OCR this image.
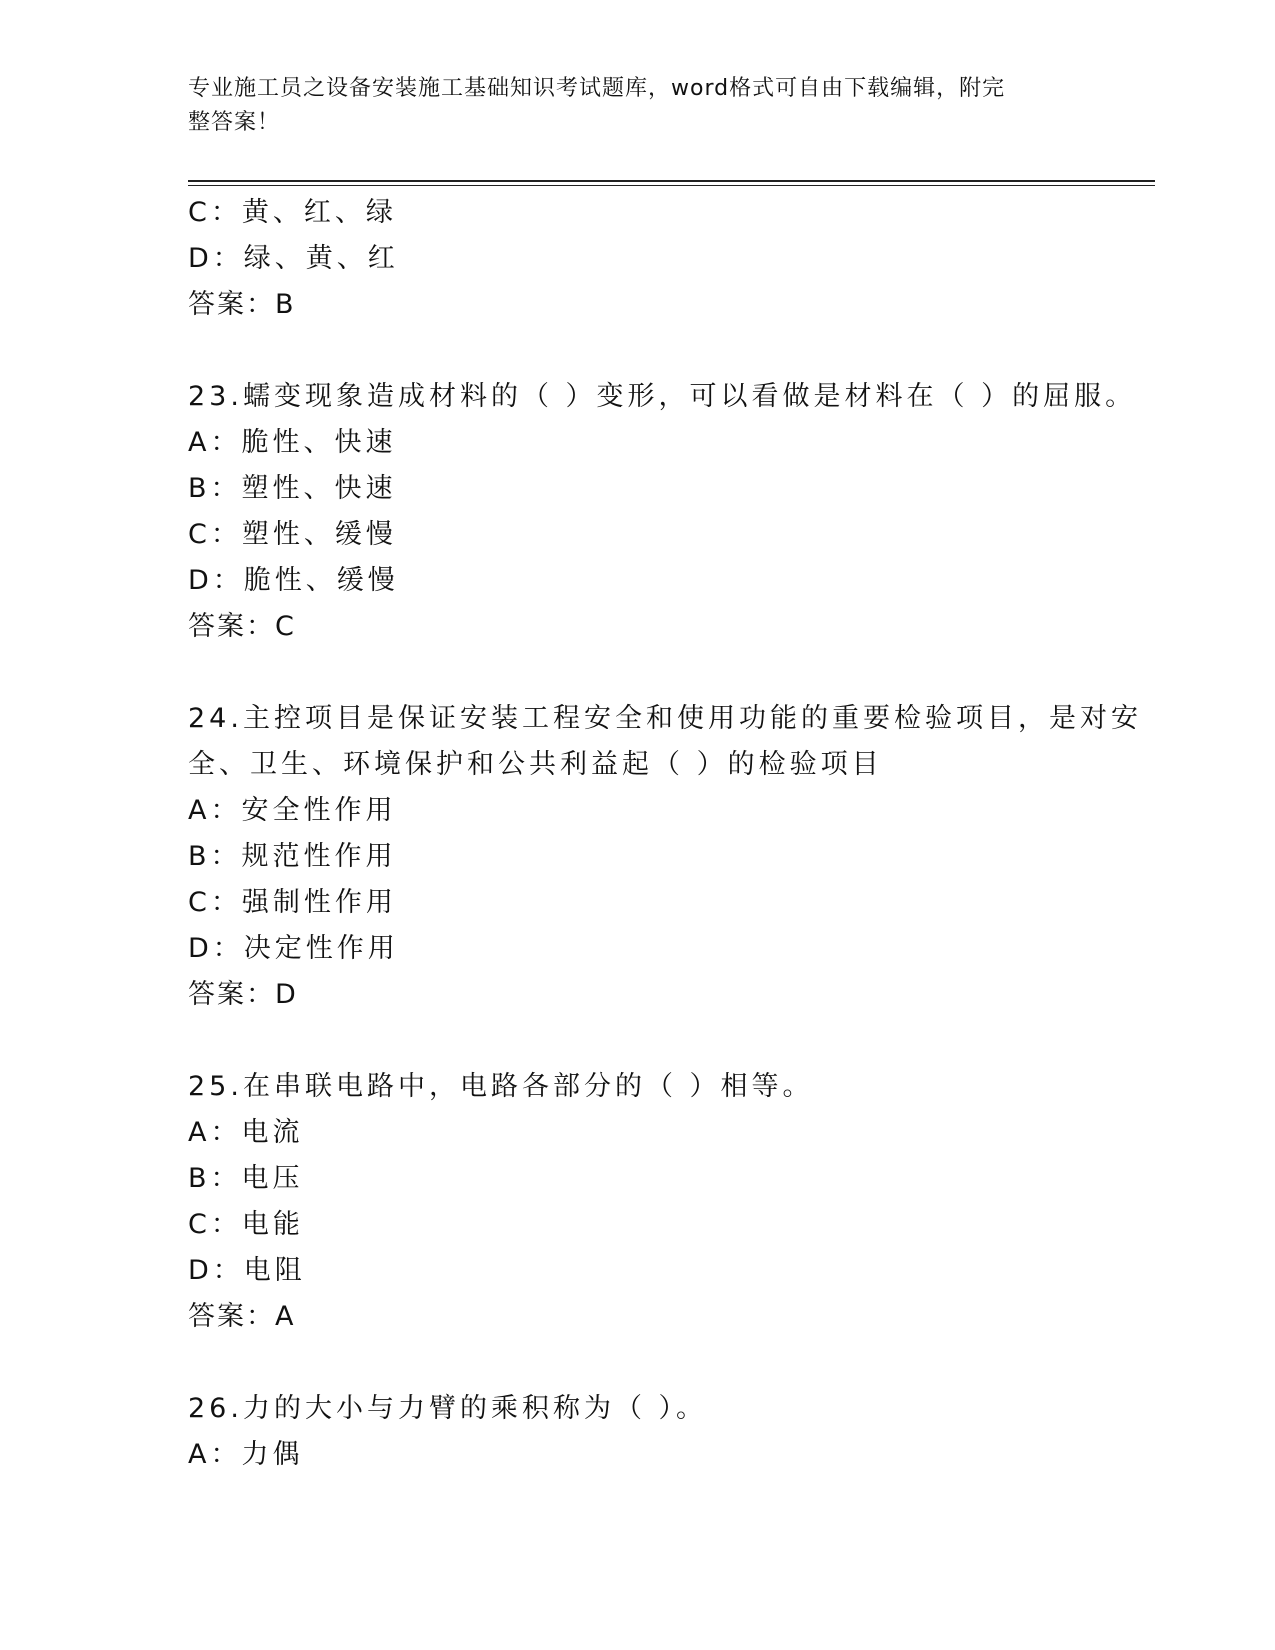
专业施工员之设备安装施工基础知识考试题库，word格式可自由下载编辑，附完
整答案！
C：黄、红、绿
D：绿、黄、红
答案：B
23.蠕变现象造成材料的（ ）变形，可以看做是材料在（ ）的屈服。
A：脆性、快速
B：塑性、快速
C：塑性、缓慢
D：脆性、缓慢
答案：C
24.主控项目是保证安装工程安全和使用功能的重要检验项目，是对安
全、卫生、环境保护和公共利益起（ ）的检验项目
A：安全性作用
B：规范性作用
C：强制性作用
D：决定性作用
答案：D
25.在串联电路中，电路各部分的（ ）相等。
A：电流
B：电压
C：电能
D：电阻
答案：A
26.力的大小与力臂的乘积称为（ ）。
A：力偶
